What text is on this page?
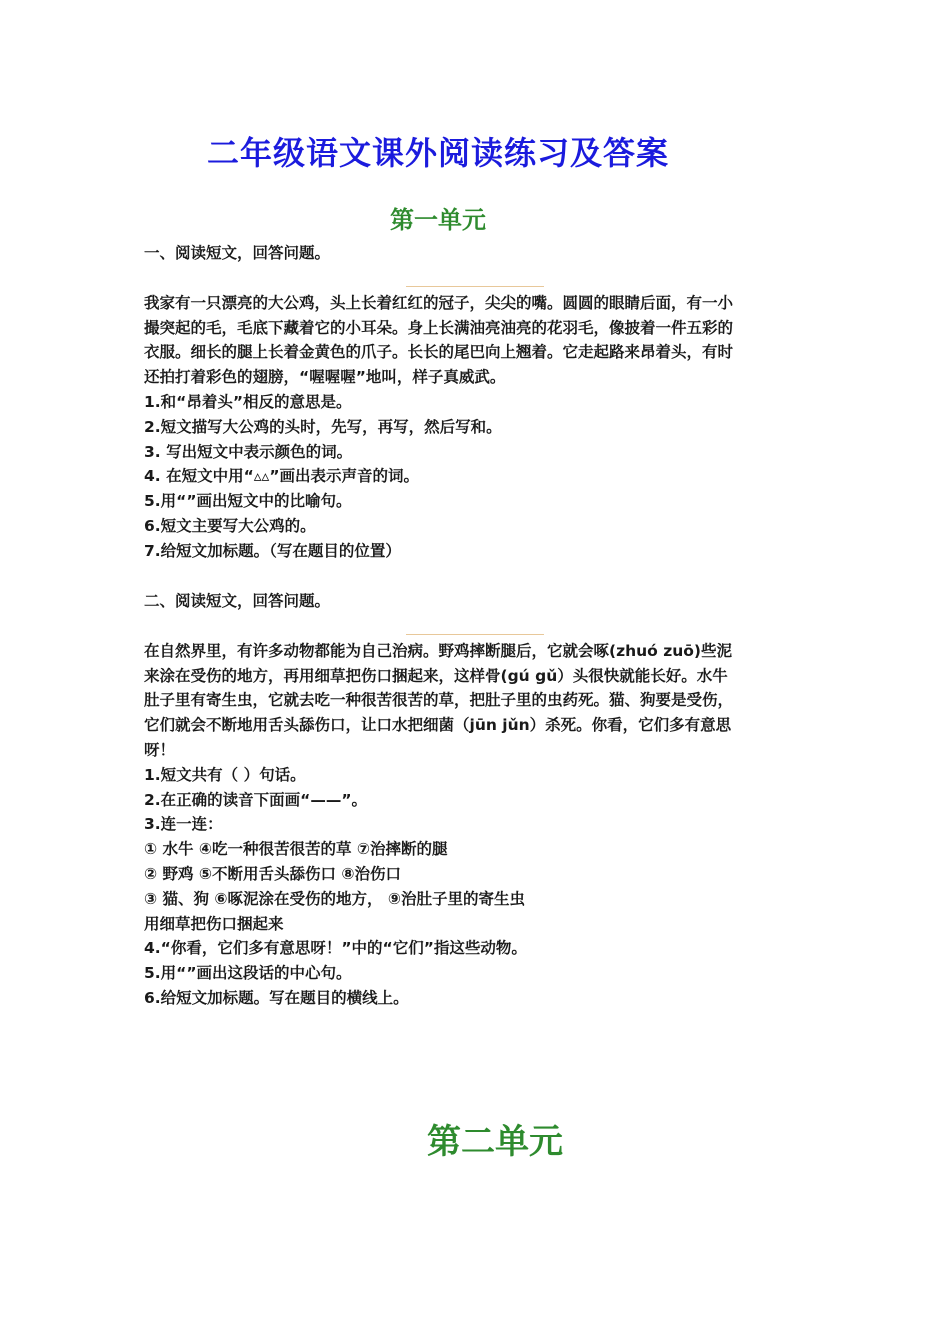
二年级语文课外阅读练习及答案
第一单元
一、阅读短文，回答问题。
我家有一只漂亮的大公鸡，头上长着红红的冠子，尖尖的嘴。圆圆的眼睛后面，有一小
撮突起的毛，毛底下藏着它的小耳朵。身上长满油亮油亮的花羽毛，像披着一件五彩的
衣服。细长的腿上长着金黄色的爪子。长长的尾巴向上翘着。它走起路来昂着头，有时
还拍打着彩色的翅膀，“喔喔喔”地叫，样子真威武。
1.和“昂着头”相反的意思是。
2.短文描写大公鸡的头时，先写，再写，然后写和。
3. 写出短文中表示颜色的词。
4. 在短文中用“▵▵”画出表示声音的词。
5.用“”画出短文中的比喻句。
6.短文主要写大公鸡的。
7.给短文加标题。（写在题目的位置）
二、阅读短文，回答问题。
在自然界里，有许多动物都能为自己治病。野鸡摔断腿后，它就会啄(zhuó zuō)些泥
来涂在受伤的地方，再用细草把伤口捆起来，这样骨(gú gǔ）头很快就能长好。水牛
肚子里有寄生虫，它就去吃一种很苦很苦的草，把肚子里的虫药死。猫、狗要是受伤，
它们就会不断地用舌头舔伤口，让口水把细菌（jūn jǔn）杀死。你看，它们多有意思
呀！
1.短文共有（ ）句话。
2.在正确的读音下面画“——”。
3.连一连：
① 水牛 ④吃一种很苦很苦的草 ⑦治摔断的腿
② 野鸡 ⑤不断用舌头舔伤口 ⑧治伤口
③ 猫、狗 ⑥啄泥涂在受伤的地方， ⑨治肚子里的寄生虫
用细草把伤口捆起来
4.“你看，它们多有意思呀！”中的“它们”指这些动物。
5.用“”画出这段话的中心句。
6.给短文加标题。写在题目的横线上。
第二单元
